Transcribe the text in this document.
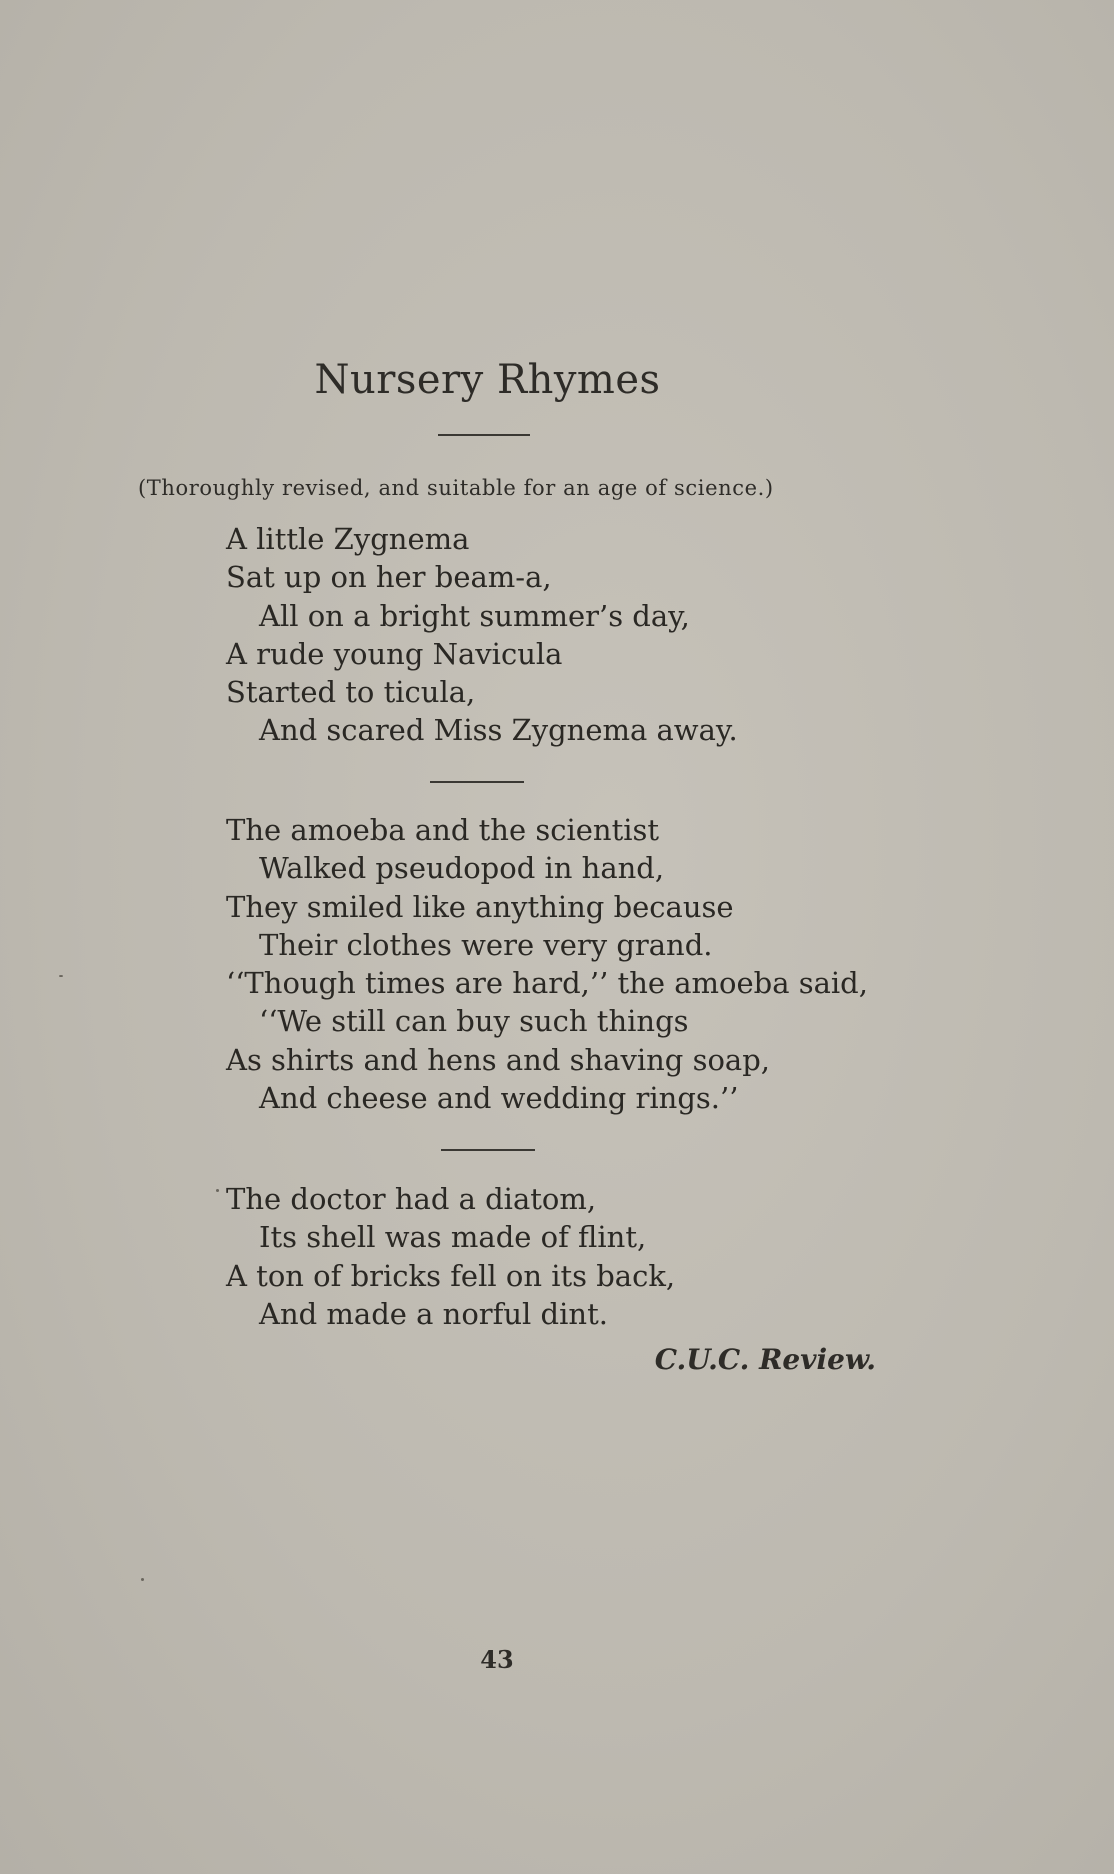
Nursery Rhymes
(Thoroughly revised, and suitable for an age of science.)
A little Zygnema
Sat up on her beam-a,
All on a bright summer’s day,
A rude young Navicula
Started to ticula,
And scared Miss Zygnema away.
The amoeba and the scientist
Walked pseudopod in hand,
They smiled like anything because
Their clothes were very grand.
‘‘Though times are hard,’’ the amoeba said,
‘‘We still can buy such things
As shirts and hens and shaving soap,
And cheese and wedding rings.’’
The doctor had a diatom,
Its shell was made of flint,
A ton of bricks fell on its back,
And made a norful dint.
C.U.C. Review.
43
